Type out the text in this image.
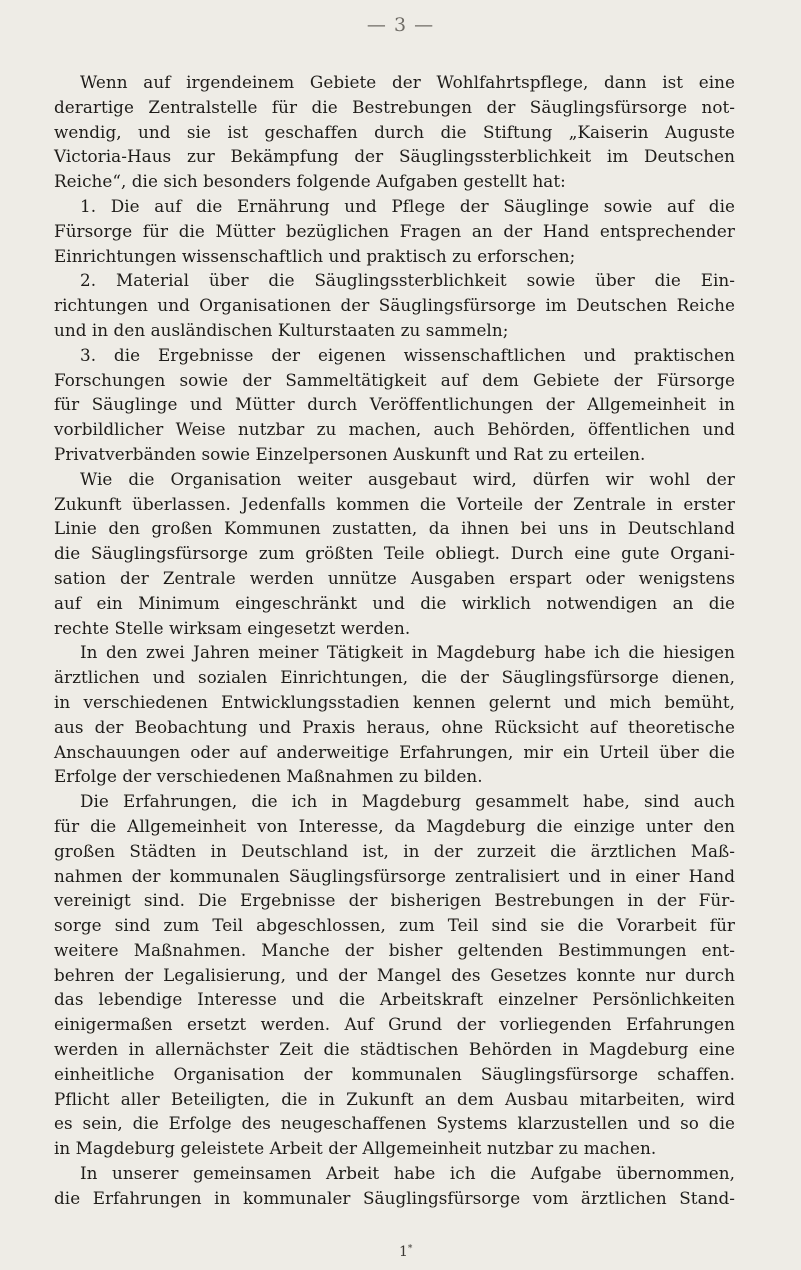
— 3 —
Wenn auf irgendeinem Gebiete der Wohlfahrtspflege, dann ist eine
derartige Zentralstelle für die Bestrebungen der Säuglingsfürsorge not-
wendig, und sie ist geschaffen durch die Stiftung „Kaiserin Auguste
Victoria-Haus zur Bekämpfung der Säuglingssterblichkeit im Deutschen
Reiche“, die sich besonders folgende Aufgaben gestellt hat:
1. Die auf die Ernährung und Pflege der Säuglinge sowie auf die
Fürsorge für die Mütter bezüglichen Fragen an der Hand entsprechender
Einrichtungen wissenschaftlich und praktisch zu erforschen;
2. Material über die Säuglingssterblichkeit sowie über die Ein-
richtungen und Organisationen der Säuglingsfürsorge im Deutschen Reiche
und in den ausländischen Kulturstaaten zu sammeln;
3. die Ergebnisse der eigenen wissenschaftlichen und praktischen
Forschungen sowie der Sammeltätigkeit auf dem Gebiete der Fürsorge
für Säuglinge und Mütter durch Veröffentlichungen der Allgemeinheit in
vorbildlicher Weise nutzbar zu machen, auch Behörden, öffentlichen und
Privatverbänden sowie Einzelpersonen Auskunft und Rat zu erteilen.
Wie die Organisation weiter ausgebaut wird, dürfen wir wohl der
Zukunft überlassen. Jedenfalls kommen die Vorteile der Zentrale in erster
Linie den großen Kommunen zustatten, da ihnen bei uns in Deutschland
die Säuglingsfürsorge zum größten Teile obliegt. Durch eine gute Organi-
sation der Zentrale werden unnütze Ausgaben erspart oder wenigstens
auf ein Minimum eingeschränkt und die wirklich notwendigen an die
rechte Stelle wirksam eingesetzt werden.
In den zwei Jahren meiner Tätigkeit in Magdeburg habe ich die hiesigen
ärztlichen und sozialen Einrichtungen, die der Säuglingsfürsorge dienen,
in verschiedenen Entwicklungsstadien kennen gelernt und mich bemüht,
aus der Beobachtung und Praxis heraus, ohne Rücksicht auf theoretische
Anschauungen oder auf anderweitige Erfahrungen, mir ein Urteil über die
Erfolge der verschiedenen Maßnahmen zu bilden.
Die Erfahrungen, die ich in Magdeburg gesammelt habe, sind auch
für die Allgemeinheit von Interesse, da Magdeburg die einzige unter den
großen Städten in Deutschland ist, in der zurzeit die ärztlichen Maß-
nahmen der kommunalen Säuglingsfürsorge zentralisiert und in einer Hand
vereinigt sind. Die Ergebnisse der bisherigen Bestrebungen in der Für-
sorge sind zum Teil abgeschlossen, zum Teil sind sie die Vorarbeit für
weitere Maßnahmen. Manche der bisher geltenden Bestimmungen ent-
behren der Legalisierung, und der Mangel des Gesetzes konnte nur durch
das lebendige Interesse und die Arbeitskraft einzelner Persönlichkeiten
einigermaßen ersetzt werden. Auf Grund der vorliegenden Erfahrungen
werden in allernächster Zeit die städtischen Behörden in Magdeburg eine
einheitliche Organisation der kommunalen Säuglingsfürsorge schaffen.
Pflicht aller Beteiligten, die in Zukunft an dem Ausbau mitarbeiten, wird
es sein, die Erfolge des neugeschaffenen Systems klarzustellen und so die
in Magdeburg geleistete Arbeit der Allgemeinheit nutzbar zu machen.
In unserer gemeinsamen Arbeit habe ich die Aufgabe übernommen,
die Erfahrungen in kommunaler Säuglingsfürsorge vom ärztlichen Stand-
1*
